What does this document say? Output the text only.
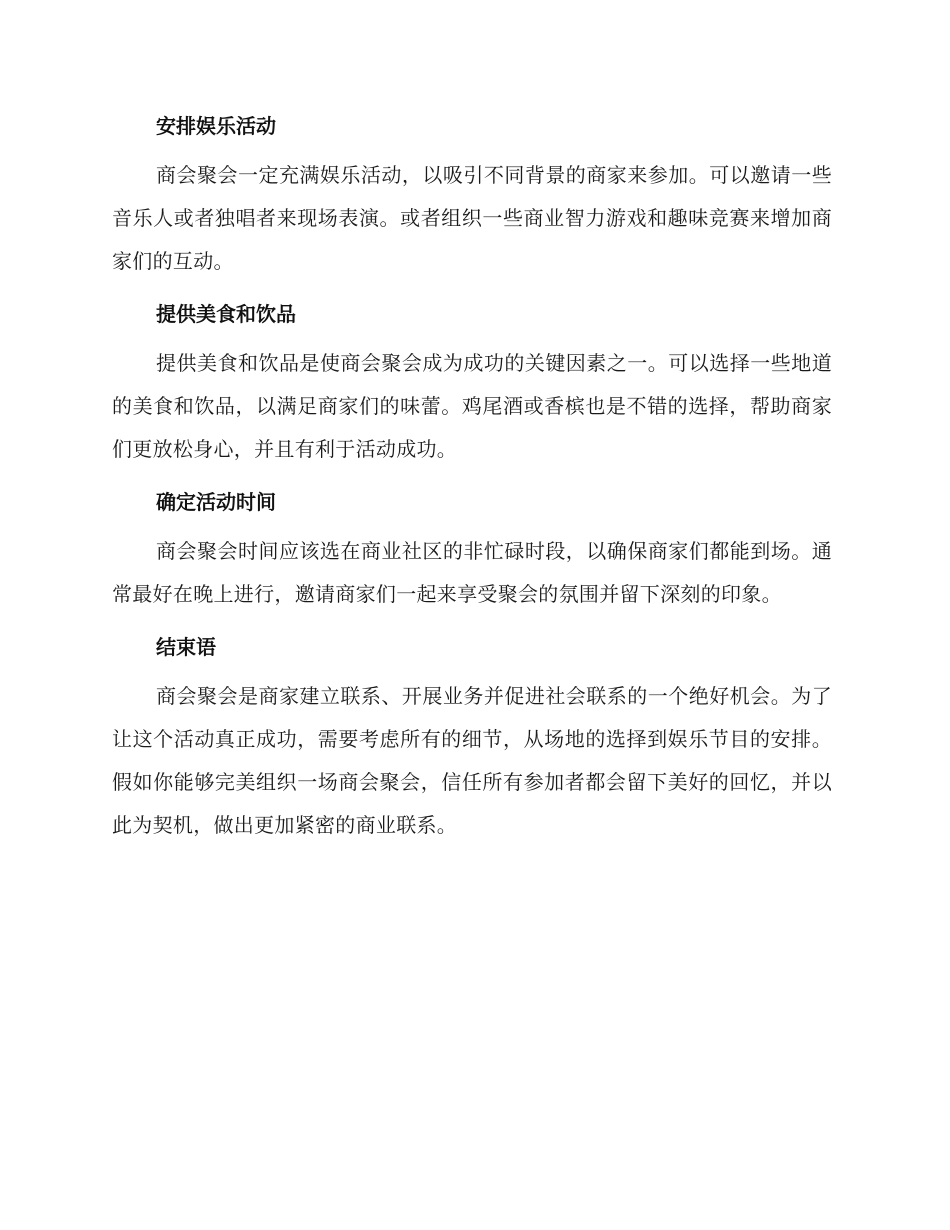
安排娱乐活动

商会聚会一定充满娱乐活动，以吸引不同背景的商家来参加。可以邀请一些音乐人或者独唱者来现场表演。或者组织一些商业智力游戏和趣味竞赛来增加商家们的互动。

提供美食和饮品

提供美食和饮品是使商会聚会成为成功的关键因素之一。可以选择一些地道的美食和饮品，以满足商家们的味蕾。鸡尾酒或香槟也是不错的选择，帮助商家们更放松身心，并且有利于活动成功。

确定活动时间

商会聚会时间应该选在商业社区的非忙碌时段，以确保商家们都能到场。通常最好在晚上进行，邀请商家们一起来享受聚会的氛围并留下深刻的印象。

结束语

商会聚会是商家建立联系、开展业务并促进社会联系的一个绝好机会。为了让这个活动真正成功，需要考虑所有的细节，从场地的选择到娱乐节目的安排。假如你能够完美组织一场商会聚会，信任所有参加者都会留下美好的回忆，并以此为契机，做出更加紧密的商业联系。
